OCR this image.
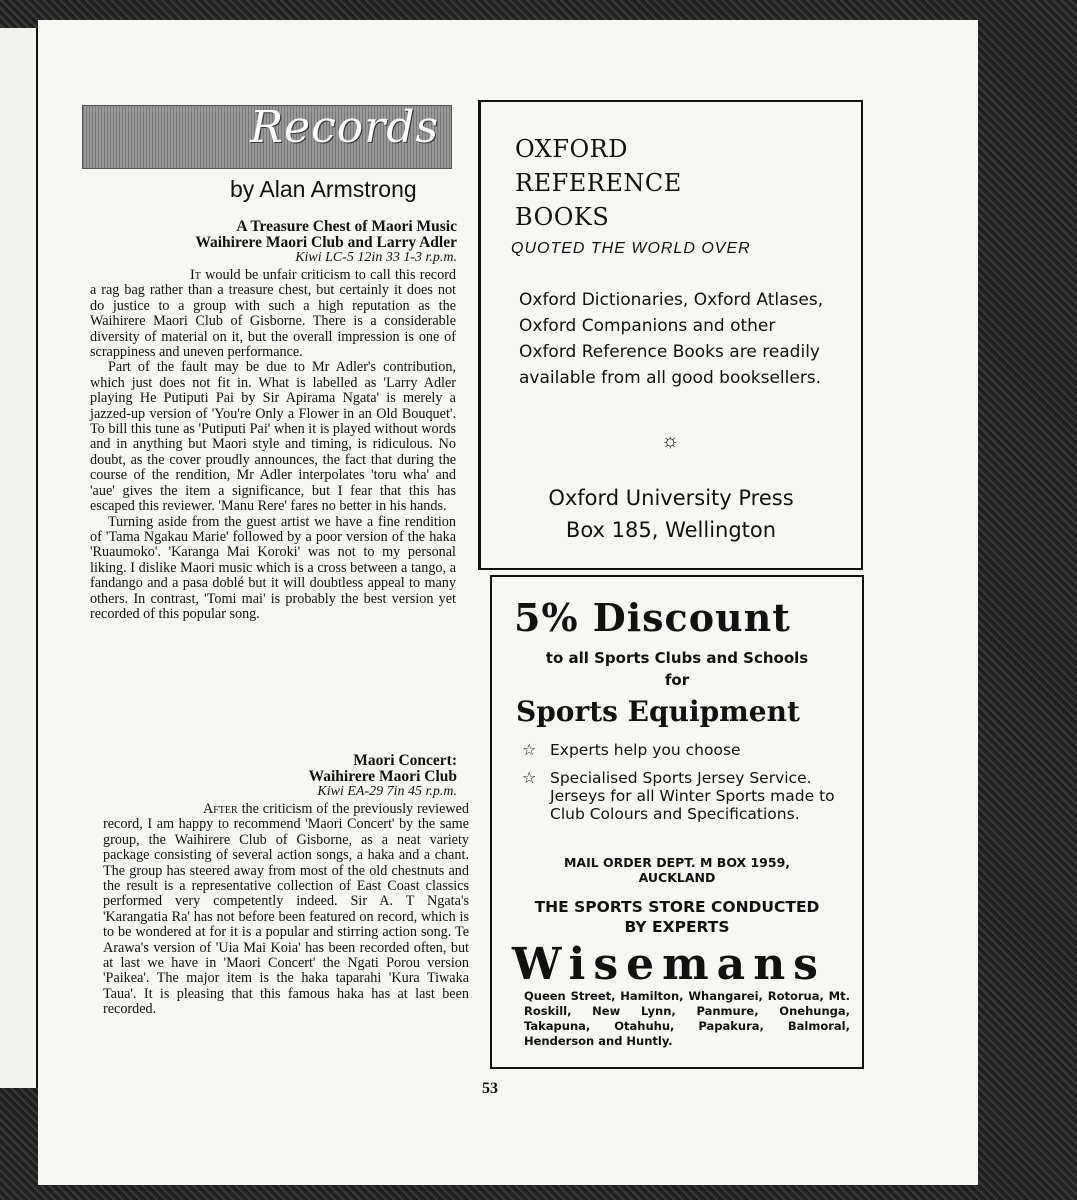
Records
by Alan Armstrong
A Treasure Chest of Maori Music
Waihirere Maori Club and Larry Adler
Kiwi LC-5 12in 33 1-3 r.p.m.

It would be unfair criticism to call this record a rag bag rather than a treasure chest, but certainly it does not do justice to a group with such a high reputation as the Waihirere Maori Club of Gisborne. There is a considerable diversity of material on it, but the overall impression is one of scrappiness and uneven performance.

Part of the fault may be due to Mr Adler's contribution, which just does not fit in. What is labelled as 'Larry Adler playing He Putiputi Pai by Sir Apirama Ngata' is merely a jazzed-up version of 'You're Only a Flower in an Old Bouquet'. To bill this tune as 'Putiputi Pai' when it is played without words and in anything but Maori style and timing, is ridiculous. No doubt, as the cover proudly announces, the fact that during the course of the rendition, Mr Adler interpolates 'toru wha' and 'aue' gives the item a significance, but I fear that this has escaped this reviewer. 'Manu Rere' fares no better in his hands.

Turning aside from the guest artist we have a fine rendition of 'Tama Ngakau Marie' followed by a poor version of the haka 'Ruaumoko'. 'Karanga Mai Koroki' was not to my personal liking. I dislike Maori music which is a cross between a tango, a fandango and a pasa doblé but it will doubtless appeal to many others. In contrast, 'Tomi mai' is probably the best version yet recorded of this popular song.

Maori Concert:
Waihirere Maori Club
Kiwi EA-29 7in 45 r.p.m.

After the criticism of the previously reviewed record, I am happy to recommend 'Maori Concert' by the same group, the Waihirere Club of Gisborne, as a neat variety package consisting of several action songs, a haka and a chant. The group has steered away from most of the old chestnuts and the result is a representative collection of East Coast classics performed very competently indeed. Sir A. T Ngata's 'Karangatia Ra' has not before been featured on record, which is to be wondered at for it is a popular and stirring action song. Te Arawa's version of 'Uia Mai Koia' has been recorded often, but at last we have in 'Maori Concert' the Ngati Porou version 'Paikea'. The major item is the haka taparahi 'Kura Tiwaka Taua'. It is pleasing that this famous haka has at last been recorded.

53
OXFORD
REFERENCE
BOOKS
QUOTED THE WORLD OVER
Oxford Dictionaries, Oxford Atlases, Oxford Companions and other Oxford Reference Books are readily available from all good booksellers.
☼
Oxford University Press
Box 185, Wellington
5% Discount
to all Sports Clubs and Schools
for
Sports Equipment
☆ Experts help you choose
☆ Specialised Sports Jersey Service. Jerseys for all Winter Sports made to Club Colours and Specifications.
MAIL ORDER DEPT. M BOX 1959,
AUCKLAND
THE SPORTS STORE CONDUCTED
BY EXPERTS
Wisemans
Queen Street, Hamilton, Whangarei, Rotorua, Mt. Roskill, New Lynn, Panmure, Onehunga, Takapuna, Otahuhu, Papakura, Balmoral, Henderson and Huntly.
